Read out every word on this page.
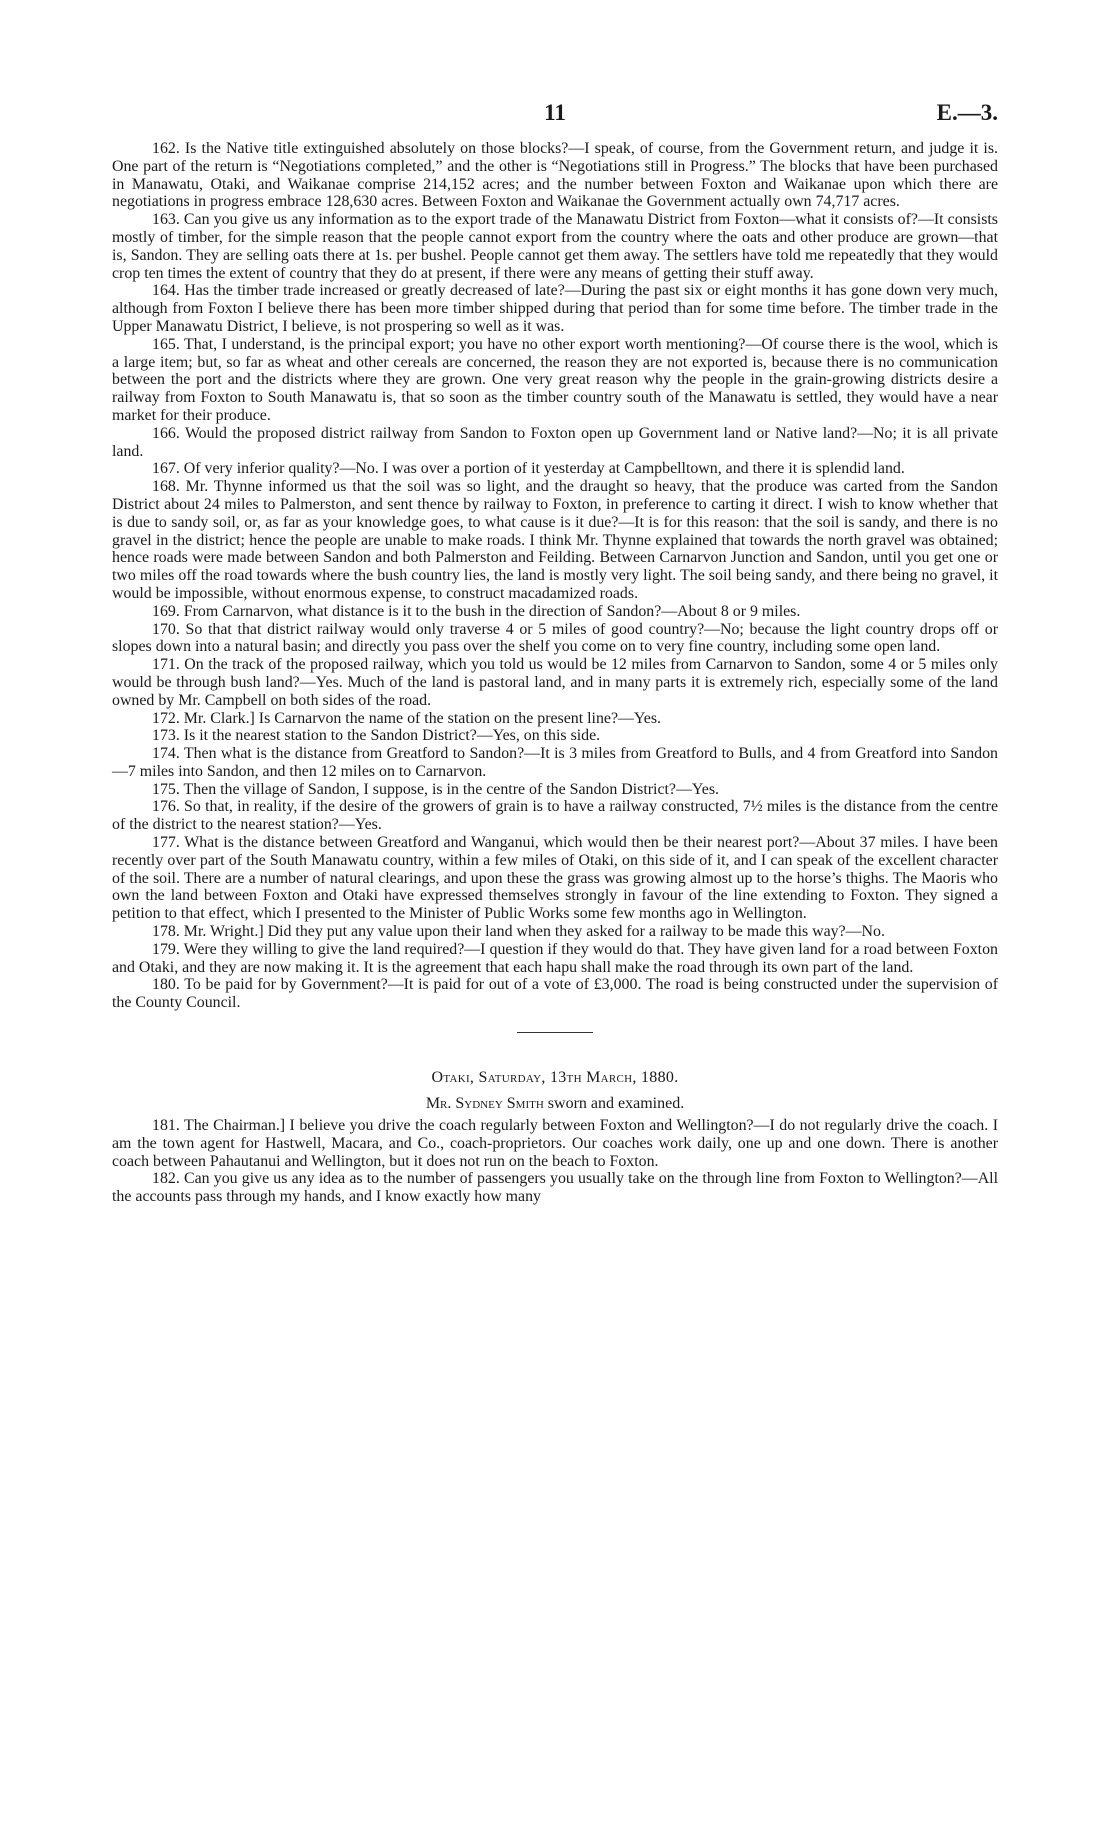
11	E.—3.

162. Is the Native title extinguished absolutely on those blocks?—I speak, of course, from the Government return, and judge it is. One part of the return is “Negotiations completed,” and the other is “Negotiations still in Progress.” The blocks that have been purchased in Manawatu, Otaki, and Waikanae comprise 214,152 acres; and the number between Foxton and Waikanae upon which there are negotiations in progress embrace 128,630 acres. Between Foxton and Waikanae the Government actually own 74,717 acres.

163. Can you give us any information as to the export trade of the Manawatu District from Foxton—what it consists of?—It consists mostly of timber, for the simple reason that the people cannot export from the country where the oats and other produce are grown—that is, Sandon. They are selling oats there at 1s. per bushel. People cannot get them away. The settlers have told me repeatedly that they would crop ten times the extent of country that they do at present, if there were any means of getting their stuff away.

164. Has the timber trade increased or greatly decreased of late?—During the past six or eight months it has gone down very much, although from Foxton I believe there has been more timber shipped during that period than for some time before. The timber trade in the Upper Manawatu District, I believe, is not prospering so well as it was.

165. That, I understand, is the principal export; you have no other export worth mentioning?—Of course there is the wool, which is a large item; but, so far as wheat and other cereals are concerned, the reason they are not exported is, because there is no communication between the port and the districts where they are grown. One very great reason why the people in the grain-growing districts desire a railway from Foxton to South Manawatu is, that so soon as the timber country south of the Manawatu is settled, they would have a near market for their produce.

166. Would the proposed district railway from Sandon to Foxton open up Government land or Native land?—No; it is all private land.

167. Of very inferior quality?—No. I was over a portion of it yesterday at Campbelltown, and there it is splendid land.

168. Mr. Thynne informed us that the soil was so light, and the draught so heavy, that the produce was carted from the Sandon District about 24 miles to Palmerston, and sent thence by railway to Foxton, in preference to carting it direct. I wish to know whether that is due to sandy soil, or, as far as your knowledge goes, to what cause is it due?—It is for this reason: that the soil is sandy, and there is no gravel in the district; hence the people are unable to make roads. I think Mr. Thynne explained that towards the north gravel was obtained; hence roads were made between Sandon and both Palmerston and Feilding. Between Carnarvon Junction and Sandon, until you get one or two miles off the road towards where the bush country lies, the land is mostly very light. The soil being sandy, and there being no gravel, it would be impossible, without enormous expense, to construct macadamized roads.

169. From Carnarvon, what distance is it to the bush in the direction of Sandon?—About 8 or 9 miles.

170. So that that district railway would only traverse 4 or 5 miles of good country?—No; because the light country drops off or slopes down into a natural basin; and directly you pass over the shelf you come on to very fine country, including some open land.

171. On the track of the proposed railway, which you told us would be 12 miles from Carnarvon to Sandon, some 4 or 5 miles only would be through bush land?—Yes. Much of the land is pastoral land, and in many parts it is extremely rich, especially some of the land owned by Mr. Campbell on both sides of the road.

172. Mr. Clark.] Is Carnarvon the name of the station on the present line?—Yes.

173. Is it the nearest station to the Sandon District?—Yes, on this side.

174. Then what is the distance from Greatford to Sandon?—It is 3 miles from Greatford to Bulls, and 4 from Greatford into Sandon—7 miles into Sandon, and then 12 miles on to Carnarvon.

175. Then the village of Sandon, I suppose, is in the centre of the Sandon District?—Yes.

176. So that, in reality, if the desire of the growers of grain is to have a railway constructed, 7½ miles is the distance from the centre of the district to the nearest station?—Yes.

177. What is the distance between Greatford and Wanganui, which would then be their nearest port?—About 37 miles. I have been recently over part of the South Manawatu country, within a few miles of Otaki, on this side of it, and I can speak of the excellent character of the soil. There are a number of natural clearings, and upon these the grass was growing almost up to the horse’s thighs. The Maoris who own the land between Foxton and Otaki have expressed themselves strongly in favour of the line extending to Foxton. They signed a petition to that effect, which I presented to the Minister of Public Works some few months ago in Wellington.

178. Mr. Wright.] Did they put any value upon their land when they asked for a railway to be made this way?—No.

179. Were they willing to give the land required?—I question if they would do that. They have given land for a road between Foxton and Otaki, and they are now making it. It is the agreement that each hapu shall make the road through its own part of the land.

180. To be paid for by Government?—It is paid for out of a vote of £3,000. The road is being constructed under the supervision of the County Council.

Otaki, Saturday, 13th March, 1880.
Mr. Sydney Smith sworn and examined.

181. The Chairman.] I believe you drive the coach regularly between Foxton and Wellington?—I do not regularly drive the coach. I am the town agent for Hastwell, Macara, and Co., coach-proprietors. Our coaches work daily, one up and one down. There is another coach between Pahautanui and Wellington, but it does not run on the beach to Foxton.

182. Can you give us any idea as to the number of passengers you usually take on the through line from Foxton to Wellington?—All the accounts pass through my hands, and I know exactly how many
